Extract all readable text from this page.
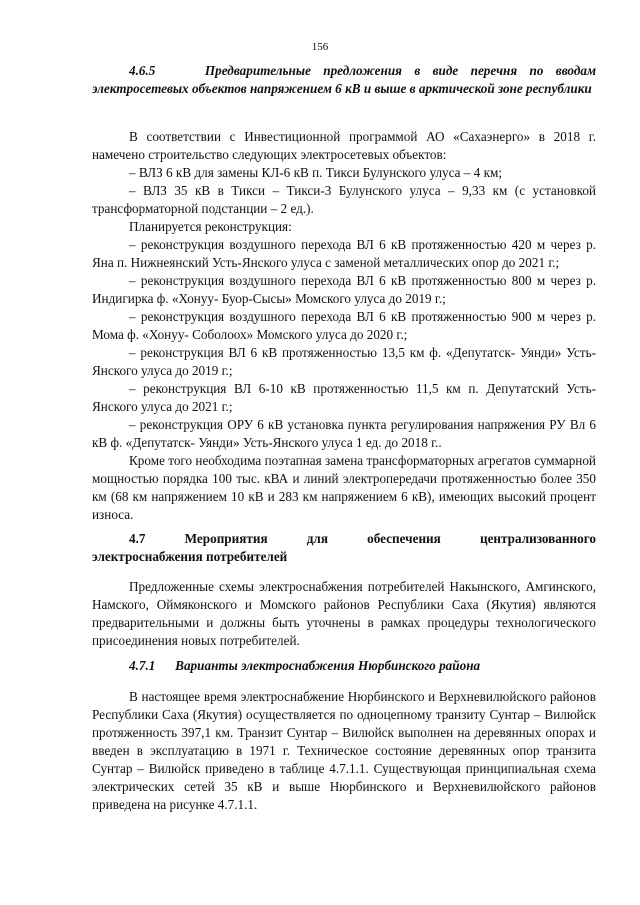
156
4.6.5	Предварительные предложения в виде перечня по вводам электросетевых объектов напряжением 6 кВ и выше в арктической зоне республики

В соответствии с Инвестиционной программой АО «Сахаэнерго» в 2018 г. намечено строительство следующих электросетевых объектов:

– ВЛЗ 6 кВ для замены КЛ-6 кВ п. Тикси Булунского улуса – 4 км;

– ВЛЗ 35 кВ в Тикси – Тикси-3 Булунского улуса – 9,33 км (с установкой трансформаторной подстанции – 2 ед.).

Планируется реконструкция:

– реконструкция воздушного перехода ВЛ 6 кВ протяженностью 420 м через р. Яна п. Нижнеянский Усть-Янского улуса с заменой металлических опор до 2021 г.;

– реконструкция воздушного перехода ВЛ 6 кВ протяженностью 800 м через р. Индигирка ф. «Хонуу- Буор-Сысы» Момского улуса до 2019 г.;

– реконструкция воздушного перехода ВЛ 6 кВ протяженностью 900 м через р. Мома ф. «Хонуу- Соболоох» Момского улуса до 2020 г.;

– реконструкция ВЛ 6 кВ протяженностью 13,5 км ф. «Депутатск- Уянди» Усть-Янского улуса до 2019 г.;

– реконструкция ВЛ 6-10 кВ протяженностью 11,5 км п. Депутатский Усть-Янского улуса до 2021 г.;

– реконструкция ОРУ 6 кВ установка пункта регулирования напряжения РУ Вл 6 кВ ф. «Депутатск- Уянди» Усть-Янского улуса 1 ед. до 2018 г..

Кроме того необходима поэтапная замена трансформаторных агрегатов суммарной мощностью порядка 100 тыс. кВА и линий электропередачи протяженностью более 350 км (68 км напряжением 10 кВ и 283 км напряжением 6 кВ), имеющих высокий процент износа.

4.7	Мероприятия	для	обеспечения	централизованного
электроснабжения потребителей

Предложенные схемы электроснабжения потребителей Накынского, Амгинского, Намского, Оймяконского и Момского районов Республики Саха (Якутия) являются предварительными и должны быть уточнены в рамках процедуры технологического присоединения новых потребителей.

4.7.1 Варианты электроснабжения Нюрбинского района

В настоящее время электроснабжение Нюрбинского и Верхневилюйского районов Республики Саха (Якутия) осуществляется по одноцепному транзиту Сунтар – Вилюйск протяженность 397,1 км. Транзит Сунтар – Вилюйск выполнен на деревянных опорах и введен в эксплуатацию в 1971 г. Техническое состояние деревянных опор транзита Сунтар – Вилюйск приведено в таблице 4.7.1.1. Существующая принципиальная схема электрических сетей 35 кВ и выше Нюрбинского и Верхневилюйского районов приведена на рисунке 4.7.1.1.
